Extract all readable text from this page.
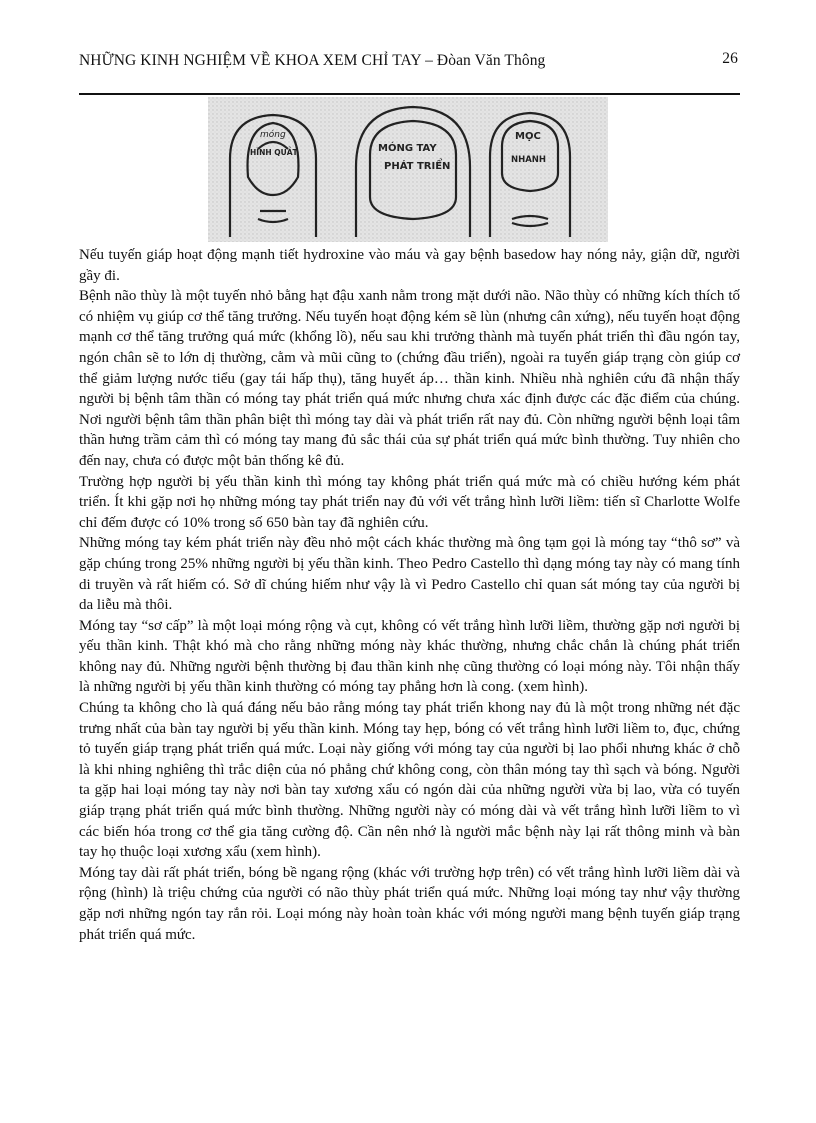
NHỮNG KINH NGHIỆM VỀ KHOA XEM CHỈ TAY – Đòan Văn Thông	26
móng
HÌNH QUẢT	MÓNG TAY
PHÁT TRIỂN
MỌC
NHANH

Nếu tuyến giáp hoạt động mạnh tiết hydroxine vào máu và gay bệnh basedow hay nóng nảy, giận dữ, người gầy đi.

Bệnh não thùy là một tuyến nhỏ bằng hạt đậu xanh nằm trong mặt dưới não. Não thùy có những kích thích tố có nhiệm vụ giúp cơ thể tăng trưởng. Nếu tuyến hoạt động kém sẽ lùn (nhưng cân xứng), nếu tuyến hoạt động mạnh cơ thể tăng trưởng quá mức (khổng lồ), nếu sau khi trưởng thành mà tuyến phát triển thì đầu ngón tay, ngón chân sẽ to lớn dị thường, cằm và mũi cũng to (chứng đầu triển), ngoài ra tuyến giáp trạng còn giúp cơ thể giảm lượng nước tiểu (gay tái hấp thụ), tăng huyết áp… thần kinh. Nhiều nhà nghiên cứu đã nhận thấy người bị bệnh tâm thần có móng tay phát triển quá mức nhưng chưa xác định được các đặc điểm của chúng. Nơi người bệnh tâm thần phân biệt thì móng tay dài và phát triển rất nay đủ. Còn những người bệnh loại tâm thần hưng trầm cảm thì có móng tay mang đủ sắc thái của sự phát triển quá mức bình thường. Tuy nhiên cho đến nay, chưa có được một bản thống kê đủ.

Trường hợp người bị yếu thần kinh thì móng tay không phát triển quá mức mà có chiều hướng kém phát triển. Ít khi gặp nơi họ những móng tay phát triển nay đủ với vết trắng hình lưỡi liềm: tiến sĩ Charlotte Wolfe chỉ đếm được có 10% trong số 650 bàn tay đã nghiên cứu.

Những móng tay kém phát triển này đều nhỏ một cách khác thường mà ông tạm gọi là móng tay “thô sơ” và gặp chúng trong 25% những người bị yếu thần kinh. Theo Pedro Castello thì dạng móng tay này có mang tính di truyền và rất hiếm có. Sở dĩ chúng hiếm như vậy là vì Pedro Castello chỉ quan sát móng tay của người bị da liễu mà thôi.

Móng tay “sơ cấp” là một loại móng rộng và cụt, không có vết trắng hình lưỡi liềm, thường gặp nơi người bị yếu thần kinh. Thật khó mà cho rằng những móng này khác thường, nhưng chắc chắn là chúng phát triển không nay đủ. Những người bệnh thường bị đau thần kinh nhẹ cũng thường có loại móng này. Tôi nhận thấy là những người bị yếu thần kinh thường có móng tay phẳng hơn là cong. (xem hình).

Chúng ta không cho là quá đáng nếu bảo rằng móng tay phát triển khong nay đủ là một trong những nét đặc trưng nhất của bàn tay người bị yếu thần kinh. Móng tay hẹp, bóng có vết trắng hình lưỡi liềm to, đục, chứng tỏ tuyến giáp trạng phát triển quá mức. Loại này giống với móng tay của người bị lao phổi nhưng khác ở chỗ là khi nhing nghiêng thì trắc diện của nó phẳng chứ không cong, còn thân móng tay thì sạch và bóng. Người ta gặp hai loại móng tay này nơi bàn tay xương xẩu có ngón dài của những người vừa bị lao, vừa có tuyến giáp trạng phát triển quá mức bình thường. Những người này có móng dài và vết trắng hình lưỡi liềm to vì các biến hóa trong cơ thể gia tăng cường độ. Cần nên nhớ là người mắc bệnh này lại rất thông minh và bàn tay họ thuộc loại xương xẩu (xem hình).

Móng tay dài rất phát triển, bóng bề ngang rộng (khác với trường hợp trên) có vết trắng hình lưỡi liềm dài và rộng (hình) là triệu chứng của người có não thùy phát triển quá mức. Những loại móng tay như vậy thường gặp nơi những ngón tay rắn rỏi. Loại móng này hoàn toàn khác với móng người mang bệnh tuyến giáp trạng phát triển quá mức.
